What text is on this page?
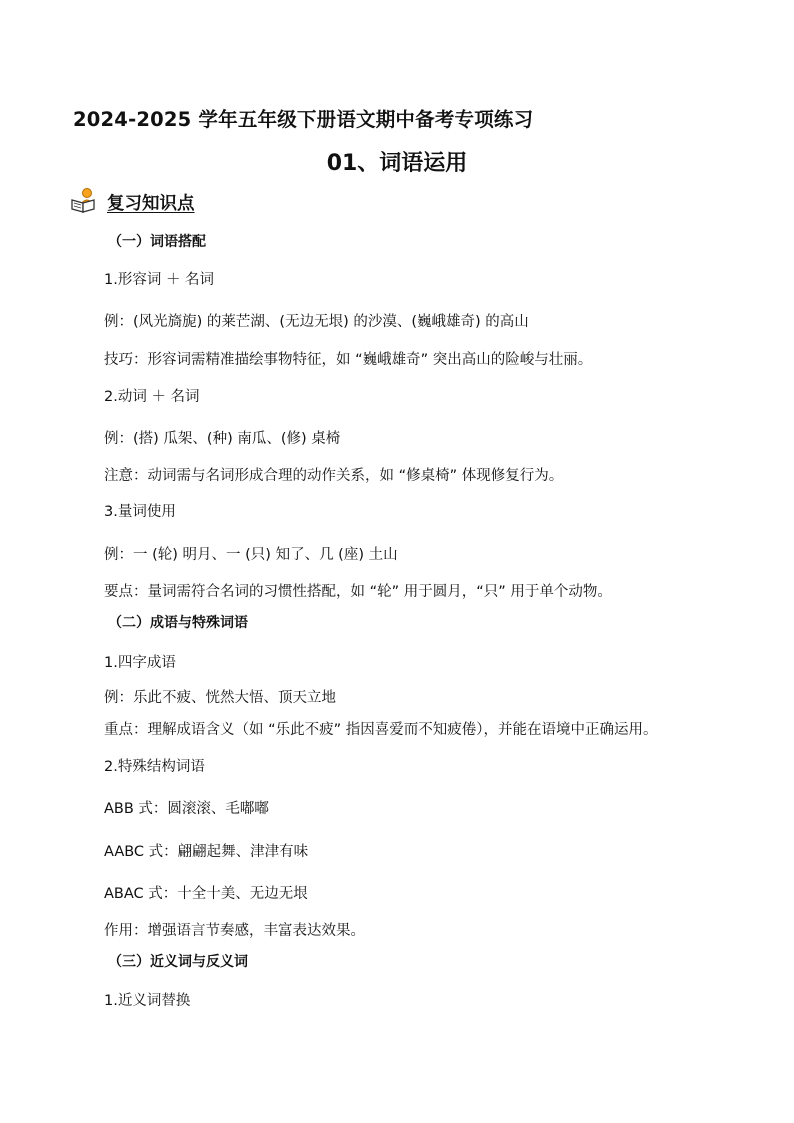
2024-2025 学年五年级下册语文期中备考专项练习
01、词语运用
复习知识点
（一）词语搭配
1.形容词 ＋ 名词
例：(风光旖旎) 的莱芒湖、(无边无垠) 的沙漠、(巍峨雄奇) 的高山
技巧：形容词需精准描绘事物特征，如 “巍峨雄奇” 突出高山的险峻与壮丽。
2.动词 ＋ 名词
例：(搭) 瓜架、(种) 南瓜、(修) 桌椅
注意：动词需与名词形成合理的动作关系，如 “修桌椅” 体现修复行为。
3.量词使用
例：一 (轮) 明月、一 (只) 知了、几 (座) 土山
要点：量词需符合名词的习惯性搭配，如 “轮” 用于圆月，“只” 用于单个动物。
（二）成语与特殊词语
1.四字成语
例：乐此不疲、恍然大悟、顶天立地
重点：理解成语含义（如 “乐此不疲” 指因喜爱而不知疲倦），并能在语境中正确运用。
2.特殊结构词语
ABB 式：圆滚滚、毛嘟嘟
AABC 式：翩翩起舞、津津有味
ABAC 式：十全十美、无边无垠
作用：增强语言节奏感，丰富表达效果。
（三）近义词与反义词
1.近义词替换
